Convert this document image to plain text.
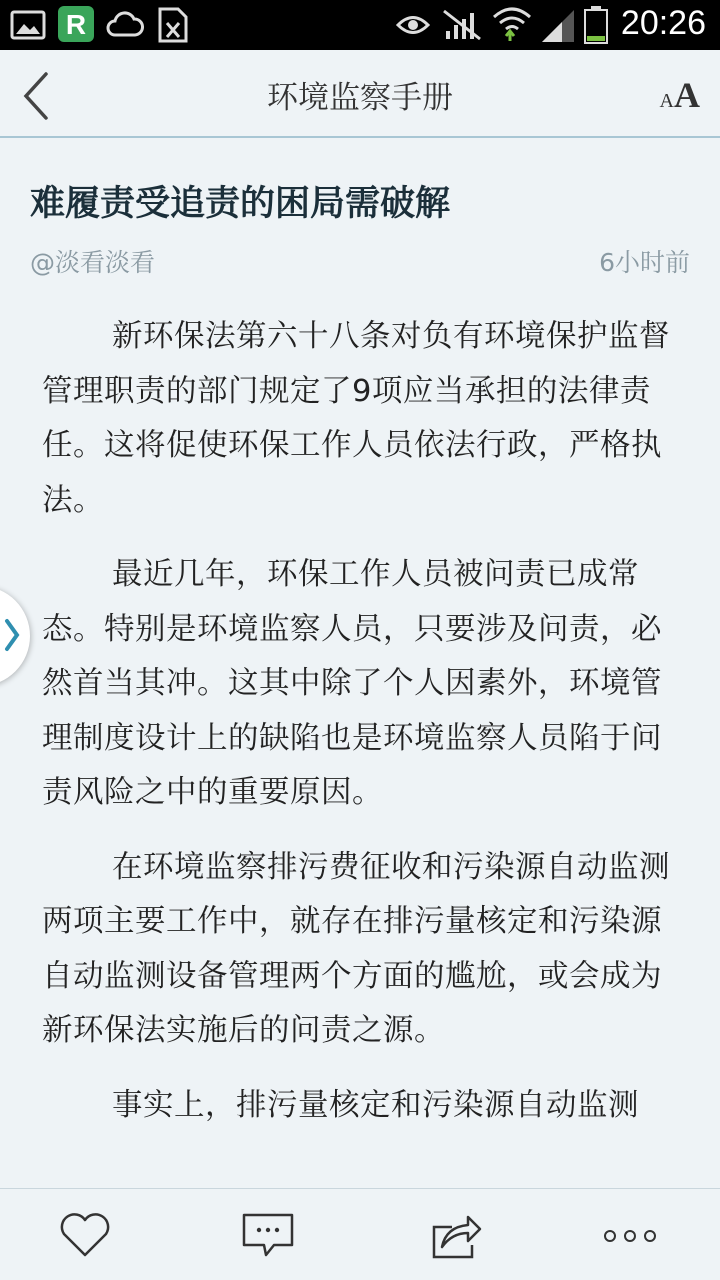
R	20:26
环境监察手册	AA
难履责受追责的困局需破解
@淡看淡看	6小时前

新环保法第六十八条对负有环境保护监督管理职责的部门规定了9项应当承担的法律责任。这将促使环保工作人员依法行政，严格执法。

最近几年，环保工作人员被问责已成常态。特别是环境监察人员，只要涉及问责，必然首当其冲。这其中除了个人因素外，环境管理制度设计上的缺陷也是环境监察人员陷于问责风险之中的重要原因。

在环境监察排污费征收和污染源自动监测两项主要工作中，就存在排污量核定和污染源自动监测设备管理两个方面的尴尬，或会成为新环保法实施后的问责之源。

事实上，排污量核定和污染源自动监测
